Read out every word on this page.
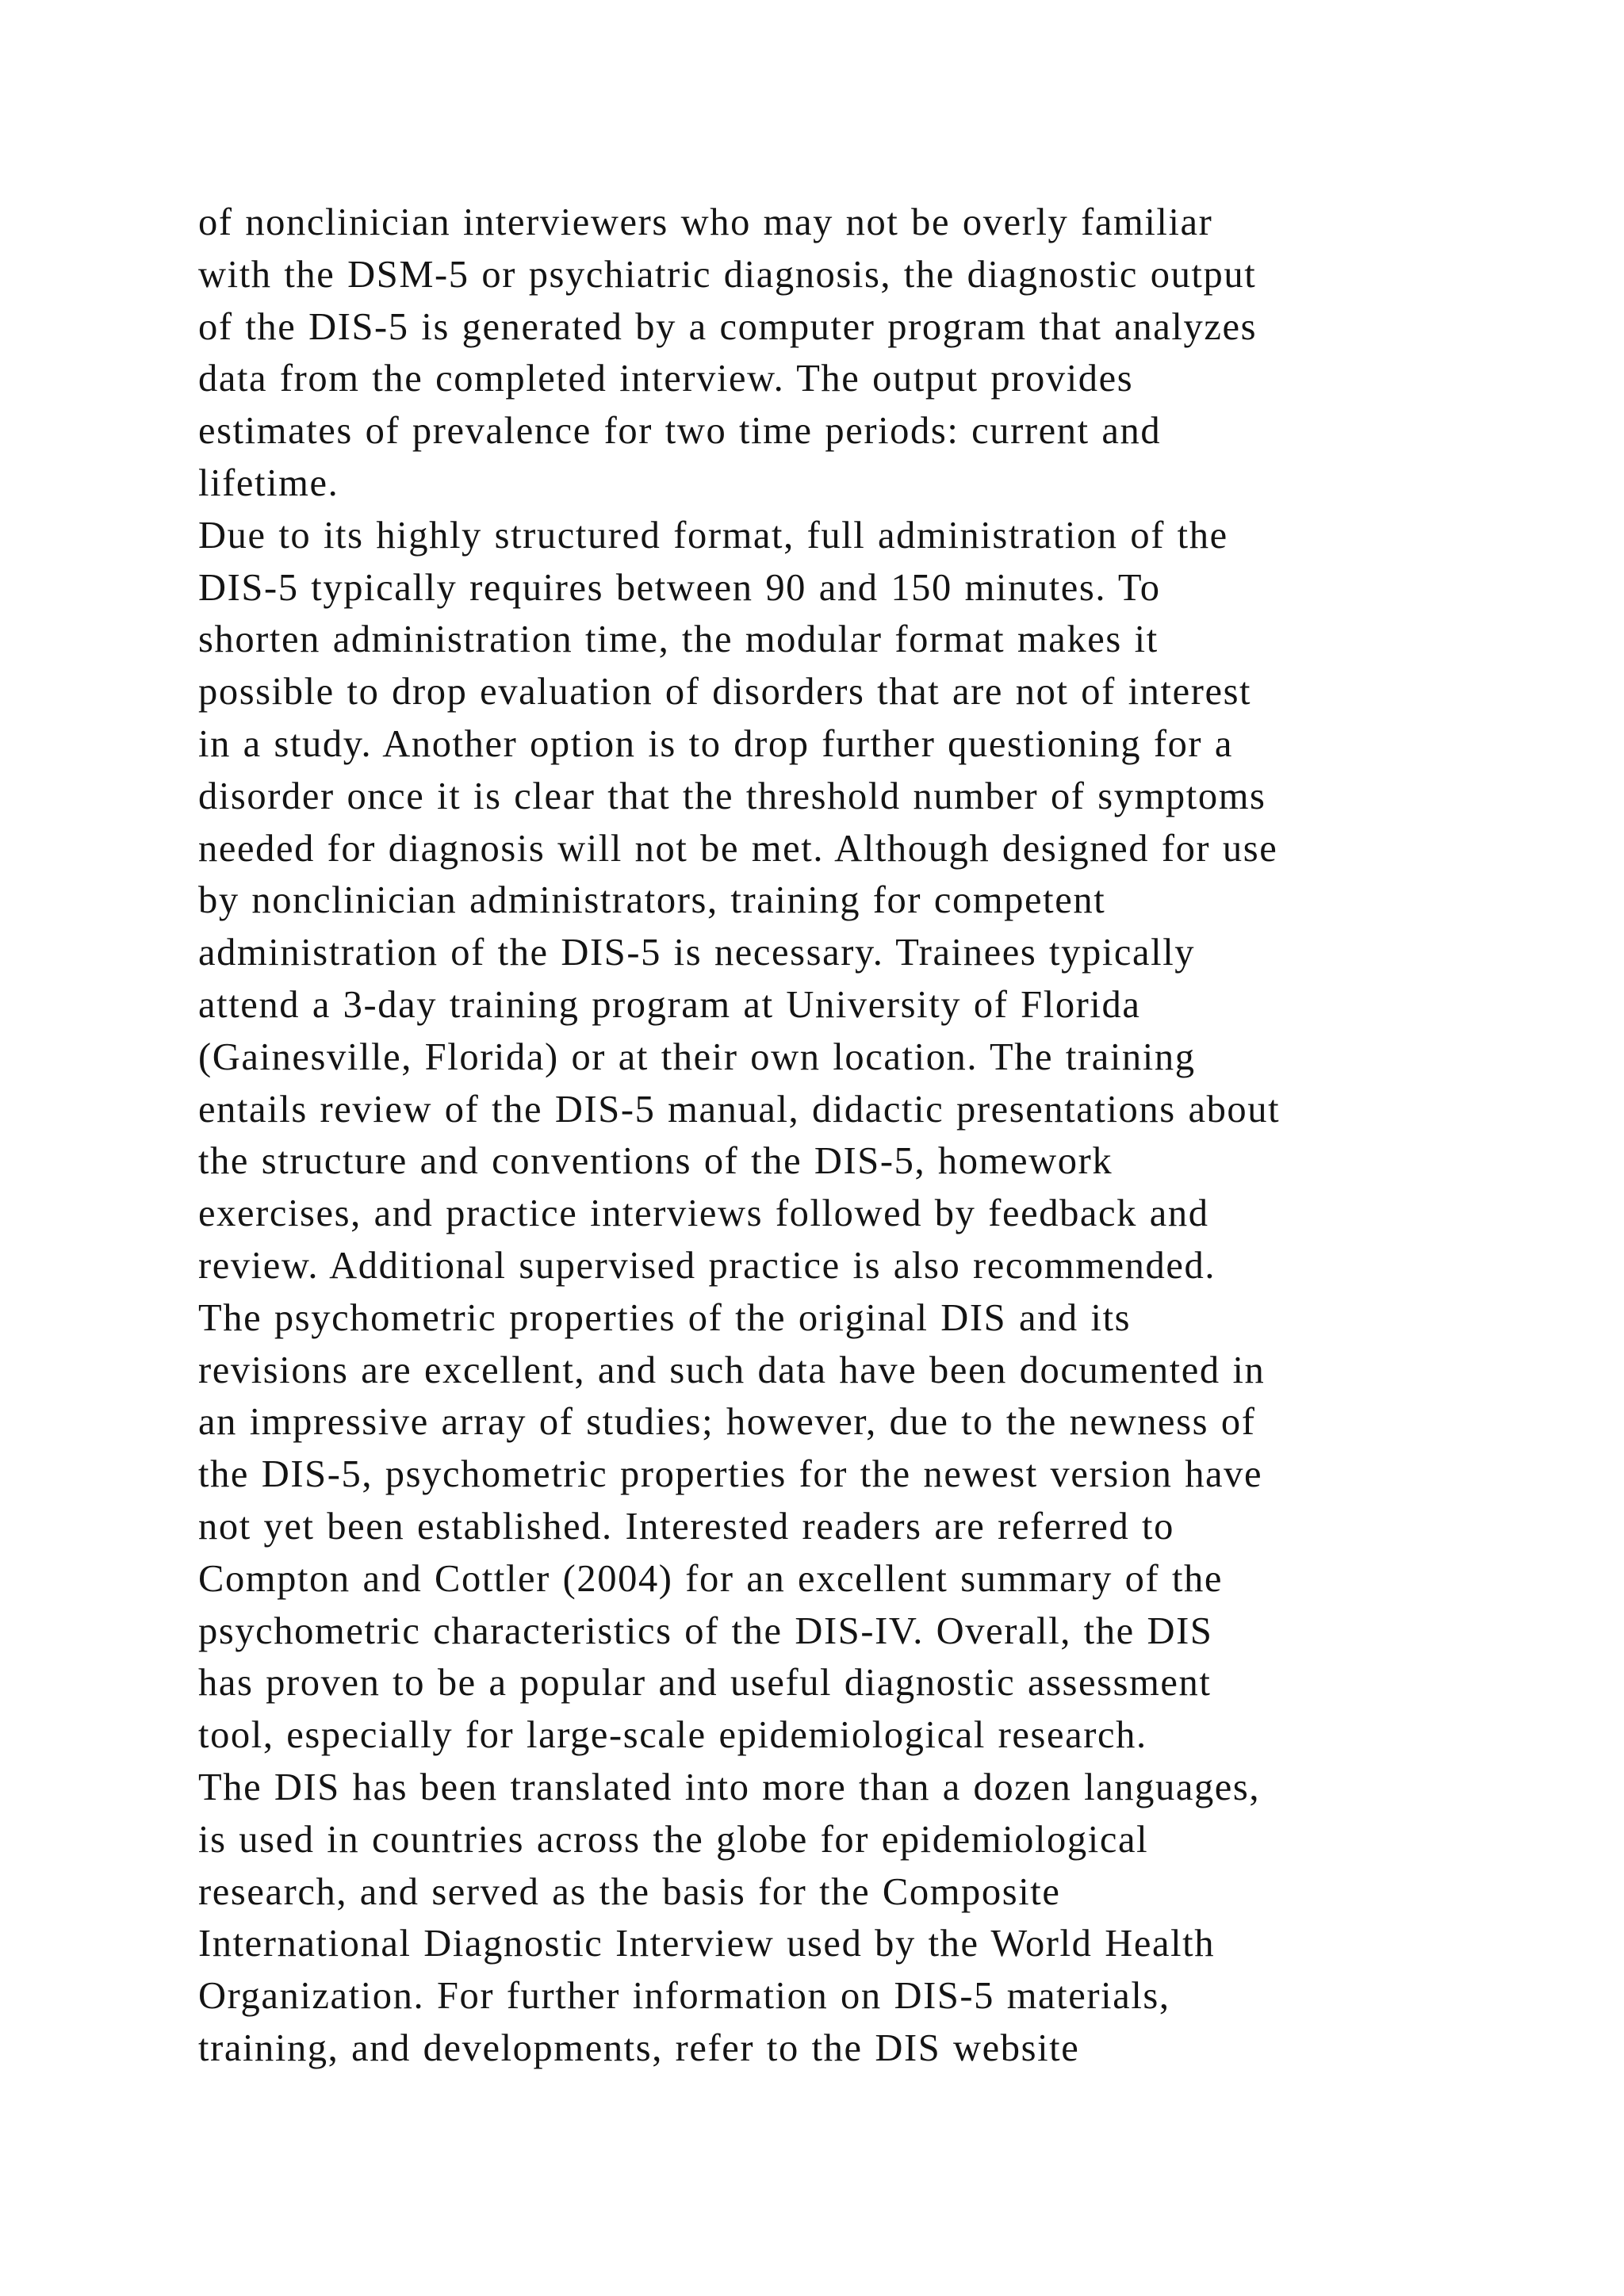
of nonclinician interviewers who may not be overly familiar
with the DSM-5 or psychiatric diagnosis, the diagnostic output
of the DIS-5 is generated by a computer program that analyzes
data from the completed interview. The output provides
estimates of prevalence for two time periods: current and
lifetime.
Due to its highly structured format, full administration of the
DIS-5 typically requires between 90 and 150 minutes. To
shorten administration time, the modular format makes it
possible to drop evaluation of disorders that are not of interest
in a study. Another option is to drop further questioning for a
disorder once it is clear that the threshold number of symptoms
needed for diagnosis will not be met. Although designed for use
by nonclinician administrators, training for competent
administration of the DIS-5 is necessary. Trainees typically
attend a 3-day training program at University of Florida
(Gainesville, Florida) or at their own location. The training
entails review of the DIS-5 manual, didactic presentations about
the structure and conventions of the DIS-5, homework
exercises, and practice interviews followed by feedback and
review. Additional supervised practice is also recommended.
The psychometric properties of the original DIS and its
revisions are excellent, and such data have been documented in
an impressive array of studies; however, due to the newness of
the DIS-5, psychometric properties for the newest version have
not yet been established. Interested readers are referred to
Compton and Cottler (2004) for an excellent summary of the
psychometric characteristics of the DIS-IV. Overall, the DIS
has proven to be a popular and useful diagnostic assessment
tool, especially for large-scale epidemiological research.
The DIS has been translated into more than a dozen languages,
is used in countries across the globe for epidemiological
research, and served as the basis for the Composite
International Diagnostic Interview used by the World Health
Organization. For further information on DIS-5 materials,
training, and developments, refer to the DIS website
